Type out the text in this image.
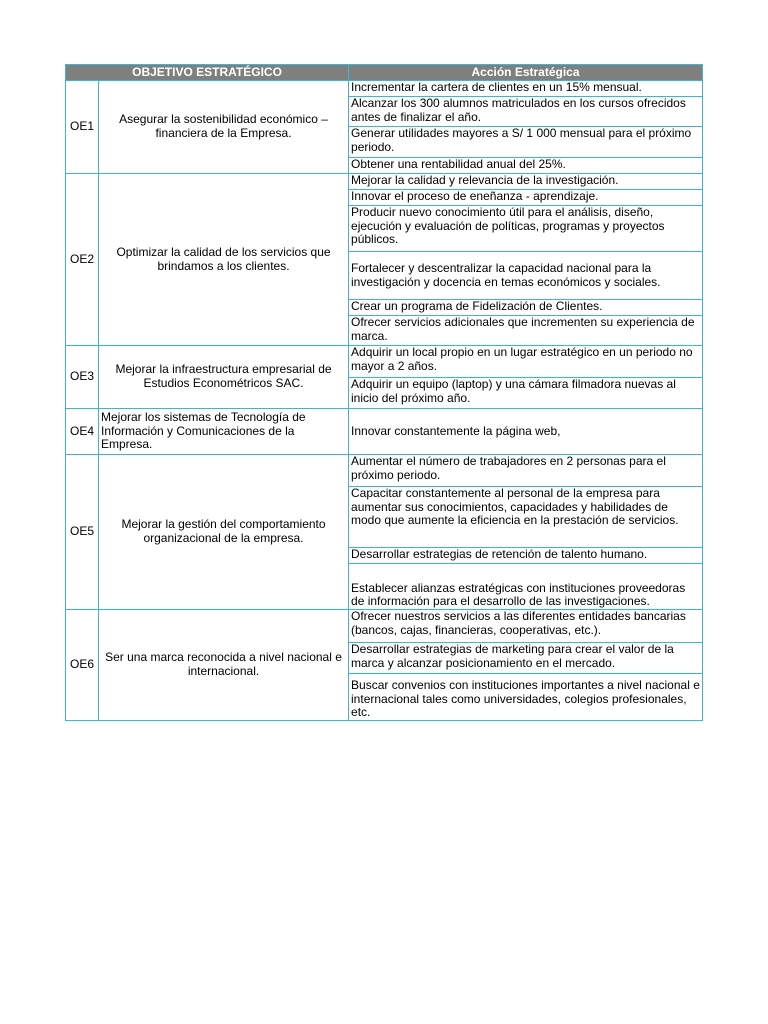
OBJETIVO ESTRATÉGICO		Acción Estratégica
OE1	Asegurar la sostenibilidad económico – financiera de la Empresa.	Incrementar la cartera de clientes en un 15% mensual.
		Alcanzar los 300 alumnos matriculados en los cursos ofrecidos antes de finalizar el año.
		Generar utilidades mayores a S/ 1 000 mensual para el próximo periodo.
		Obtener una rentabilidad anual del 25%.
OE2	Optimizar la calidad de los servicios que brindamos a los clientes.	Mejorar la calidad y relevancia de la investigación.
		Innovar el proceso de eneñanza - aprendizaje.
		Producir nuevo conocimiento útil para el análisis, diseño, ejecución y evaluación de políticas, programas y proyectos públicos.
		Fortalecer y descentralizar la capacidad nacional para la investigación y docencia en temas económicos y sociales.
		Crear un programa de Fidelización de Clientes.
		Ofrecer servicios adicionales que incrementen su experiencia de marca.
OE3	Mejorar la infraestructura empresarial de Estudios Econométricos SAC.	Adquirir un local propio en un lugar estratégico en un periodo no mayor a 2 años.
		Adquirir un equipo (laptop) y una cámara filmadora nuevas al inicio del próximo año.
OE4	Mejorar los sistemas de Tecnología de Información y Comunicaciones de la Empresa.	Innovar constantemente la página web,
OE5	Mejorar la gestión del comportamiento organizacional de la empresa.	Aumentar el número de trabajadores en 2 personas para el próximo periodo.
		Capacitar constantemente al personal de la empresa para aumentar sus conocimientos, capacidades y habilidades de modo que aumente la eficiencia en la prestación de servicios.
		Desarrollar estrategias de retención de talento humano.
		Establecer alianzas estratégicas con instituciones proveedoras de información para el desarrollo de las investigaciones.
OE6	Ser una marca reconocida a nivel nacional e internacional.	Ofrecer nuestros servicios a las diferentes entidades bancarias (bancos, cajas, financieras, cooperativas, etc.).
		Desarrollar estrategias de marketing para crear el valor de la marca y alcanzar posicionamiento en el mercado.
		Buscar convenios con instituciones importantes a nivel nacional e internacional tales como universidades, colegios profesionales, etc.
